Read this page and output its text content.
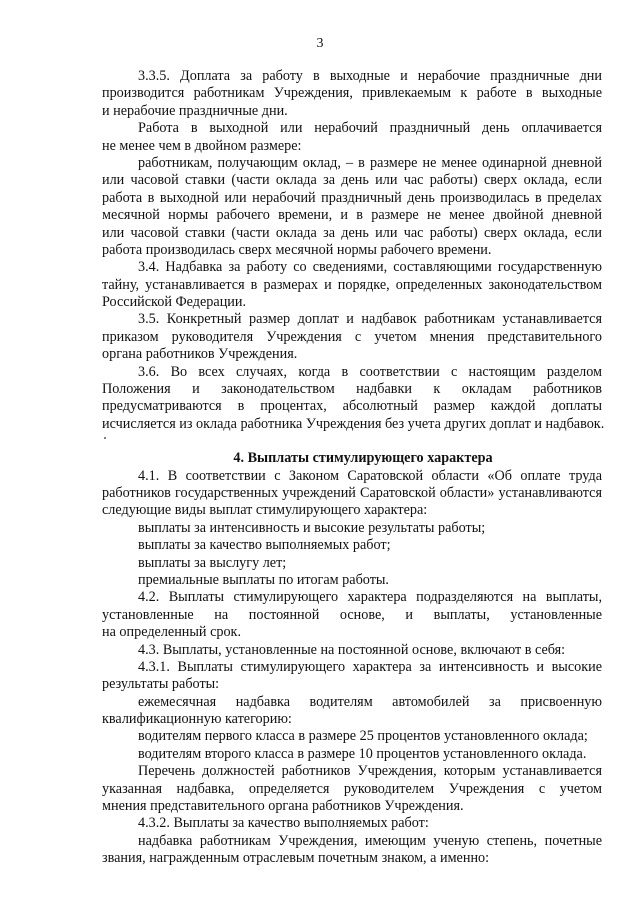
3
3.3.5. Доплата за работу в выходные и нерабочие праздничные дни
производится работникам Учреждения, привлекаемым к работе в выходные
и нерабочие праздничные дни.
Работа в выходной или нерабочий праздничный день оплачивается
не менее чем в двойном размере:
работникам, получающим оклад, – в размере не менее одинарной дневной
или часовой ставки (части оклада за день или час работы) сверх оклада, если
работа в выходной или нерабочий праздничный день производилась в пределах
месячной нормы рабочего времени, и в размере не менее двойной дневной
или часовой ставки (части оклада за день или час работы) сверх оклада, если
работа производилась сверх месячной нормы рабочего времени.
3.4. Надбавка за работу со сведениями, составляющими государственную
тайну, устанавливается в размерах и порядке, определенных законодательством
Российской Федерации.
3.5. Конкретный размер доплат и надбавок работникам устанавливается
приказом руководителя Учреждения с учетом мнения представительного
органа работников Учреждения.
3.6. Во всех случаях, когда в соответствии с настоящим разделом
Положения и законодательством надбавки к окладам работников
предусматриваются в процентах, абсолютный размер каждой доплаты
исчисляется из оклада работника Учреждения без учета других доплат и надбавок.
4. Выплаты стимулирующего характера
4.1. В соответствии с Законом Саратовской области «Об оплате труда
работников государственных учреждений Саратовской области» устанавливаются
следующие виды выплат стимулирующего характера:
выплаты за интенсивность и высокие результаты работы;
выплаты за качество выполняемых работ;
выплаты за выслугу лет;
премиальные выплаты по итогам работы.
4.2. Выплаты стимулирующего характера подразделяются на выплаты,
установленные на постоянной основе, и выплаты, установленные
на определенный срок.
4.3. Выплаты, установленные на постоянной основе, включают в себя:
4.3.1. Выплаты стимулирующего характера за интенсивность и высокие
результаты работы:
ежемесячная надбавка водителям автомобилей за присвоенную
квалификационную категорию:
водителям первого класса в размере 25 процентов установленного оклада;
водителям второго класса в размере 10 процентов установленного оклада.
Перечень должностей работников Учреждения, которым устанавливается
указанная надбавка, определяется руководителем Учреждения с учетом
мнения представительного органа работников Учреждения.
4.3.2. Выплаты за качество выполняемых работ:
надбавка работникам Учреждения, имеющим ученую степень, почетные
звания, награжденным отраслевым почетным знаком, а именно:
